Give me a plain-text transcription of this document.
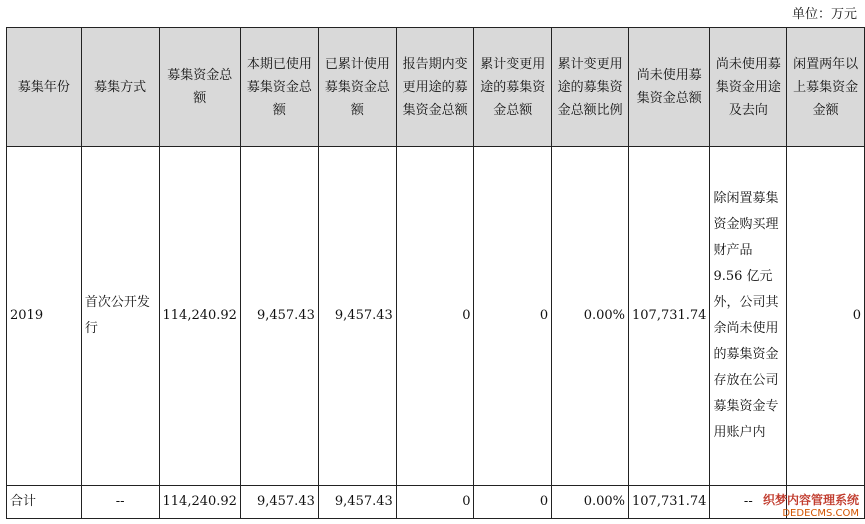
单位：万元
募集年份	募集方式	募集资金总额	本期已使用募集资金总额	已累计使用募集资金总额	报告期内变更用途的募集资金总额	累计变更用途的募集资金总额	累计变更用途的募集资金总额比例	尚未使用募集资金总额	尚未使用募集资金用途及去向	闲置两年以上募集资金金额
2019	首次公开发行	114,240.92	9,457.43	9,457.43	0	0	0.00%	107,731.74	除闲置募集资金购买理财产品 9.56 亿元外，公司其余尚未使用的募集资金存放在公司募集资金专用账户内	0
合计	--	114,240.92	9,457.43	9,457.43	0	0	0.00%	107,731.74	--	织梦内容管理系统
DEDECMS.COM
